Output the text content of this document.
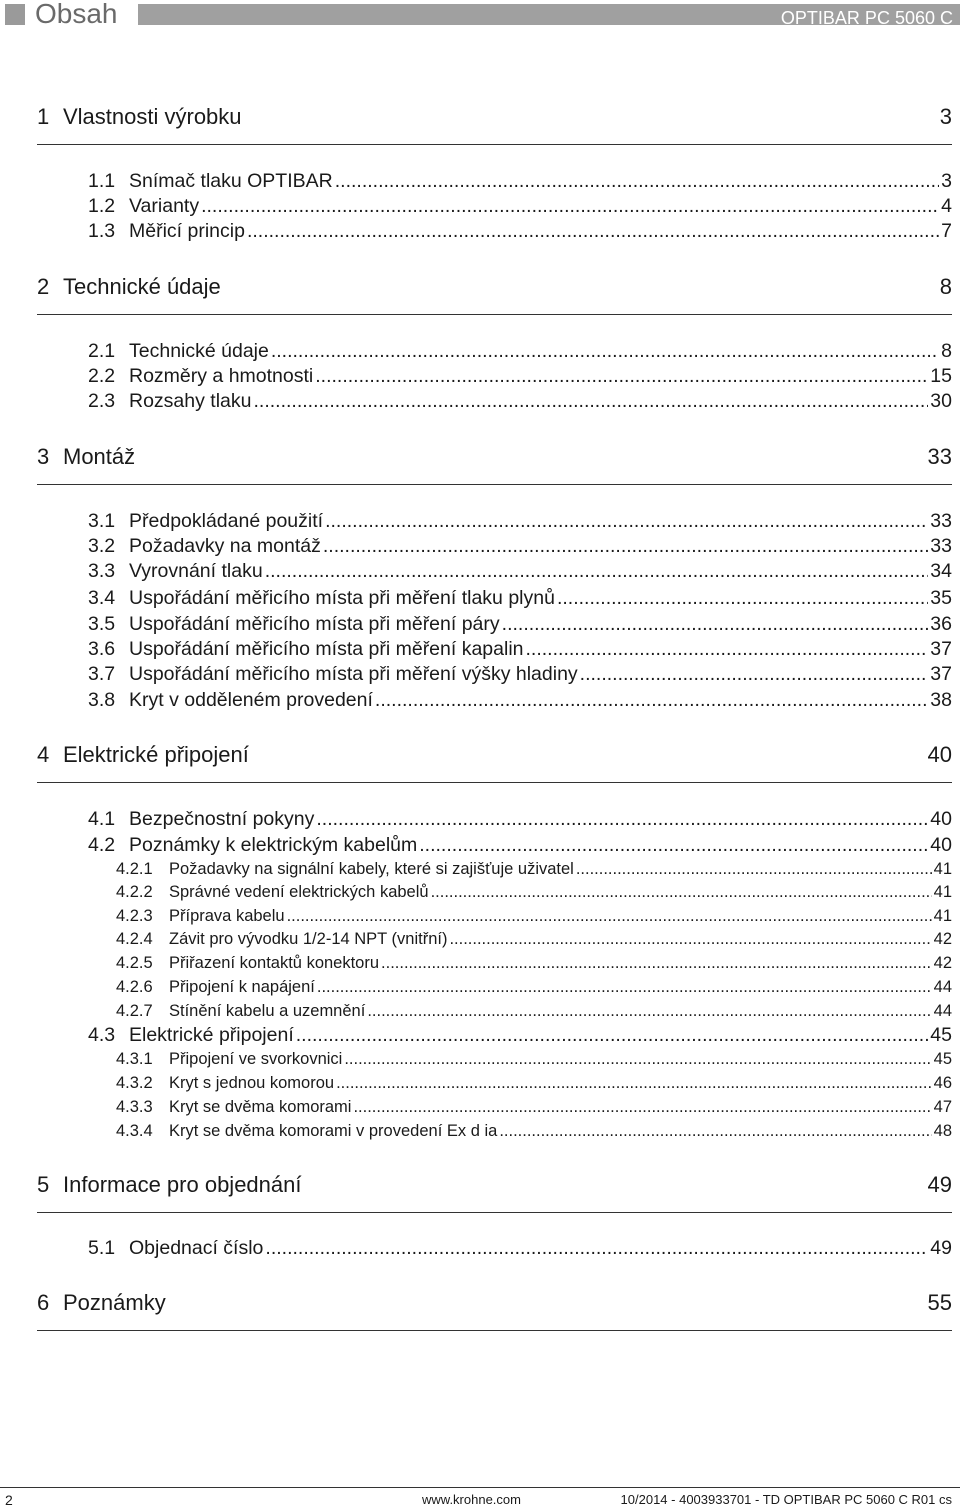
Obsah	OPTIBAR PC 5060 C
1 Vlastnosti výrobku	3
1.1 Snímač tlaku OPTIBAR .....	3
1.2 Varianty .....	4
1.3 Měřicí princip .....	7
2 Technické údaje	8
2.1 Technické údaje .....	8
2.2 Rozměry a hmotnosti .....	15
2.3 Rozsahy tlaku .....	30
3 Montáž	33
3.1 Předpokládané použití .....	33
3.2 Požadavky na montáž .....	33
3.3 Vyrovnání tlaku .....	34
3.4 Uspořádání měřicího místa při měření tlaku plynů .....	35
3.5 Uspořádání měřicího místa při měření páry .....	36
3.6 Uspořádání měřicího místa při měření kapalin .....	37
3.7 Uspořádání měřicího místa při měření výšky hladiny .....	37
3.8 Kryt v odděleném provedení .....	38
4 Elektrické připojení	40
4.1 Bezpečnostní pokyny .....	40
4.2 Poznámky k elektrickým kabelům .....	40
4.2.1 Požadavky na signální kabely, které si zajišťuje uživatel .....	41
4.2.2 Správné vedení elektrických kabelů .....	41
4.2.3 Příprava kabelu .....	41
4.2.4 Závit pro vývodku 1/2-14 NPT (vnitřní) .....	42
4.2.5 Přiřazení kontaktů konektoru .....	42
4.2.6 Připojení k napájení .....	44
4.2.7 Stínění kabelu a uzemnění .....	44
4.3 Elektrické připojení .....	45
4.3.1 Připojení ve svorkovnici .....	45
4.3.2 Kryt s jednou komorou .....	46
4.3.3 Kryt se dvěma komorami .....	47
4.3.4 Kryt se dvěma komorami v provedení Ex d ia .....	48
5 Informace pro objednání	49
5.1 Objednací číslo .....	49
6 Poznámky	55
2	www.krohne.com	10/2014 - 4003933701 - TD OPTIBAR PC 5060 C R01 cs
